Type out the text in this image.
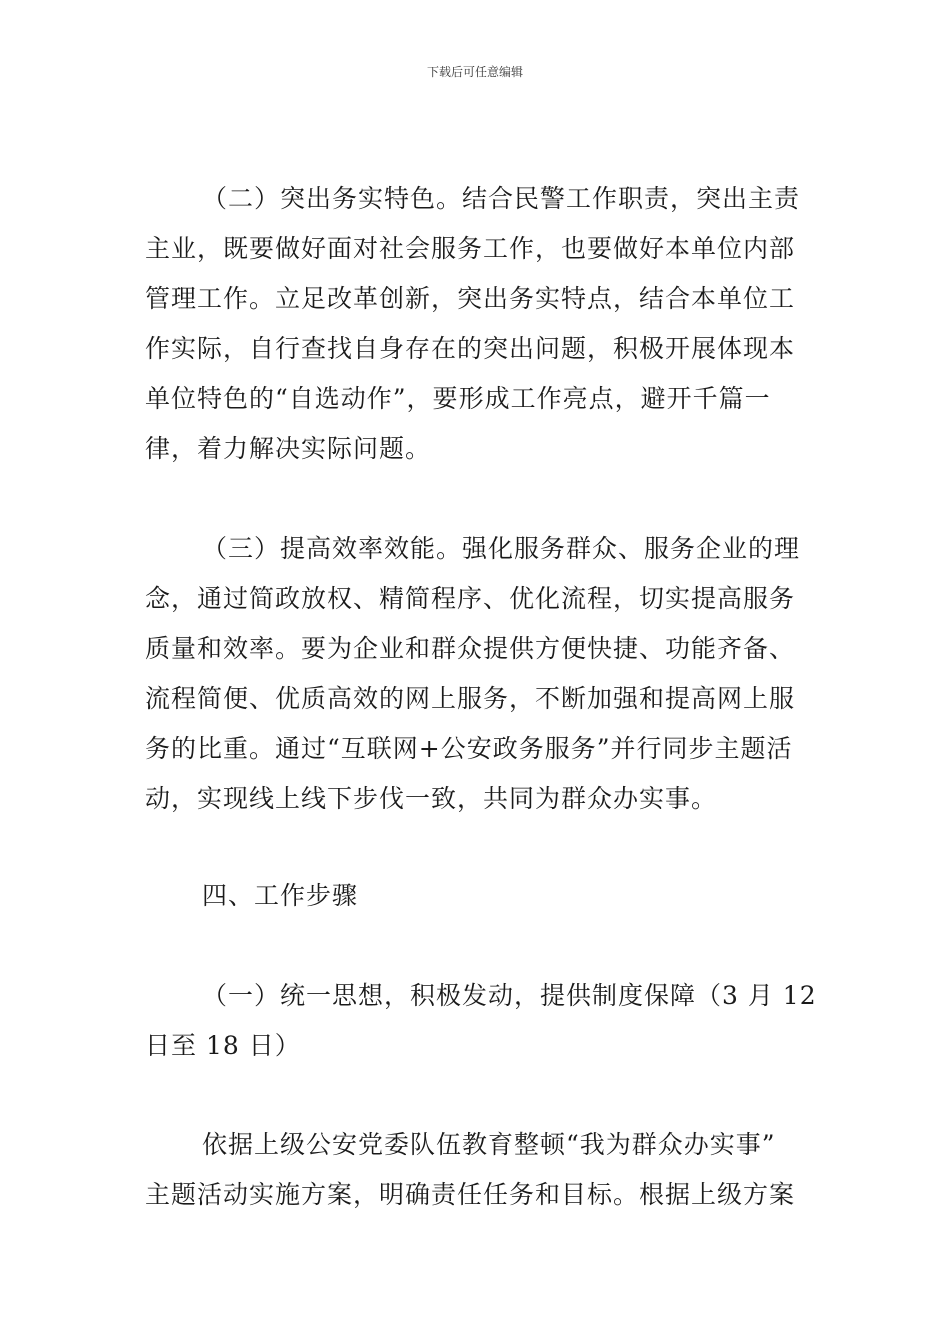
下载后可任意编辑
（二）突出务实特色。结合民警工作职责，突出主责
主业，既要做好面对社会服务工作，也要做好本单位内部
管理工作。立足改革创新，突出务实特点，结合本单位工
作实际，自行查找自身存在的突出问题，积极开展体现本
单位特色的“自选动作”，要形成工作亮点，避开千篇一
律，着力解决实际问题。
（三）提高效率效能。强化服务群众、服务企业的理
念，通过简政放权、精简程序、优化流程，切实提高服务
质量和效率。要为企业和群众提供方便快捷、功能齐备、
流程简便、优质高效的网上服务，不断加强和提高网上服
务的比重。通过“互联网+公安政务服务”并行同步主题活
动，实现线上线下步伐一致，共同为群众办实事。
四、工作步骤
（一）统一思想，积极发动，提供制度保障（3 月 12
日至 18 日）
依据上级公安党委队伍教育整顿“我为群众办实事”
主题活动实施方案，明确责任任务和目标。根据上级方案
